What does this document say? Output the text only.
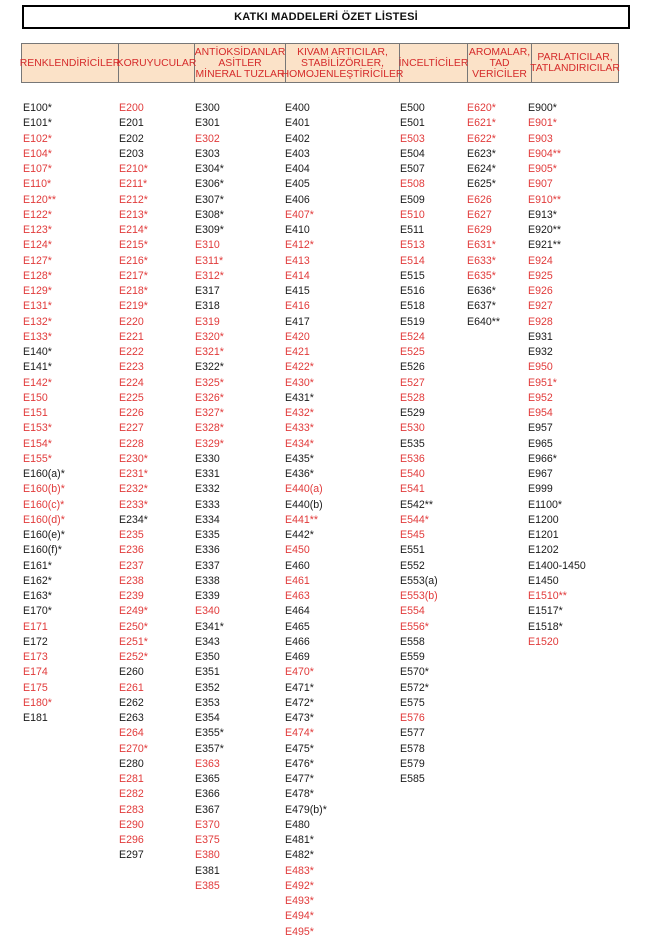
KATKI MADDELERİ ÖZET LİSTESİ
RENKLENDİRİCİLER
KORUYUCULAR
ANTİOKSİDANLAR
ASİTLER
MİNERAL TUZLAR
KIVAM ARTICILAR,
STABİLİZÖRLER,
HOMOJENLEŞTİRİCİLER
İNCELTİCİLER
AROMALAR,
TAD
VERİCİLER
PARLATICILAR,
TATLANDIRICILAR
E100*
E101*
E102*
E104*
E107*
E110*
E120**
E122*
E123*
E124*
E127*
E128*
E129*
E131*
E132*
E133*
E140*
E141*
E142*
E150
E151
E153*
E154*
E155*
E160(a)*
E160(b)*
E160(c)*
E160(d)*
E160(e)*
E160(f)*
E161*
E162*
E163*
E170*
E171
E172
E173
E174
E175
E180*
E181
E200
E201
E202
E203
E210*
E211*
E212*
E213*
E214*
E215*
E216*
E217*
E218*
E219*
E220
E221
E222
E223
E224
E225
E226
E227
E228
E230*
E231*
E232*
E233*
E234*
E235
E236
E237
E238
E239
E249*
E250*
E251*
E252*
E260
E261
E262
E263
E264
E270*
E280
E281
E282
E283
E290
E296
E297
E300
E301
E302
E303
E304*
E306*
E307*
E308*
E309*
E310
E311*
E312*
E317
E318
E319
E320*
E321*
E322*
E325*
E326*
E327*
E328*
E329*
E330
E331
E332
E333
E334
E335
E336
E337
E338
E339
E340
E341*
E343
E350
E351
E352
E353
E354
E355*
E357*
E363
E365
E366
E367
E370
E375
E380
E381
E385
E400
E401
E402
E403
E404
E405
E406
E407*
E410
E412*
E413
E414
E415
E416
E417
E420
E421
E422*
E430*
E431*
E432*
E433*
E434*
E435*
E436*
E440(a)
E440(b)
E441**
E442*
E450
E460
E461
E463
E464
E465
E466
E469
E470*
E471*
E472*
E473*
E474*
E475*
E476*
E477*
E478*
E479(b)*
E480
E481*
E482*
E483*
E492*
E493*
E494*
E495*
E500
E501
E503
E504
E507
E508
E509
E510
E511
E513
E514
E515
E516
E518
E519
E524
E525
E526
E527
E528
E529
E530
E535
E536
E540
E541
E542**
E544*
E545
E551
E552
E553(a)
E553(b)
E554
E556*
E558
E559
E570*
E572*
E575
E576
E577
E578
E579
E585
E620*
E621*
E622*
E623*
E624*
E625*
E626
E627
E629
E631*
E633*
E635*
E636*
E637*
E640**
E900*
E901*
E903
E904**
E905*
E907
E910**
E913*
E920**
E921**
E924
E925
E926
E927
E928
E931
E932
E950
E951*
E952
E954
E957
E965
E966*
E967
E999
E1100*
E1200
E1201
E1202
E1400-1450
E1450
E1510**
E1517*
E1518*
E1520
